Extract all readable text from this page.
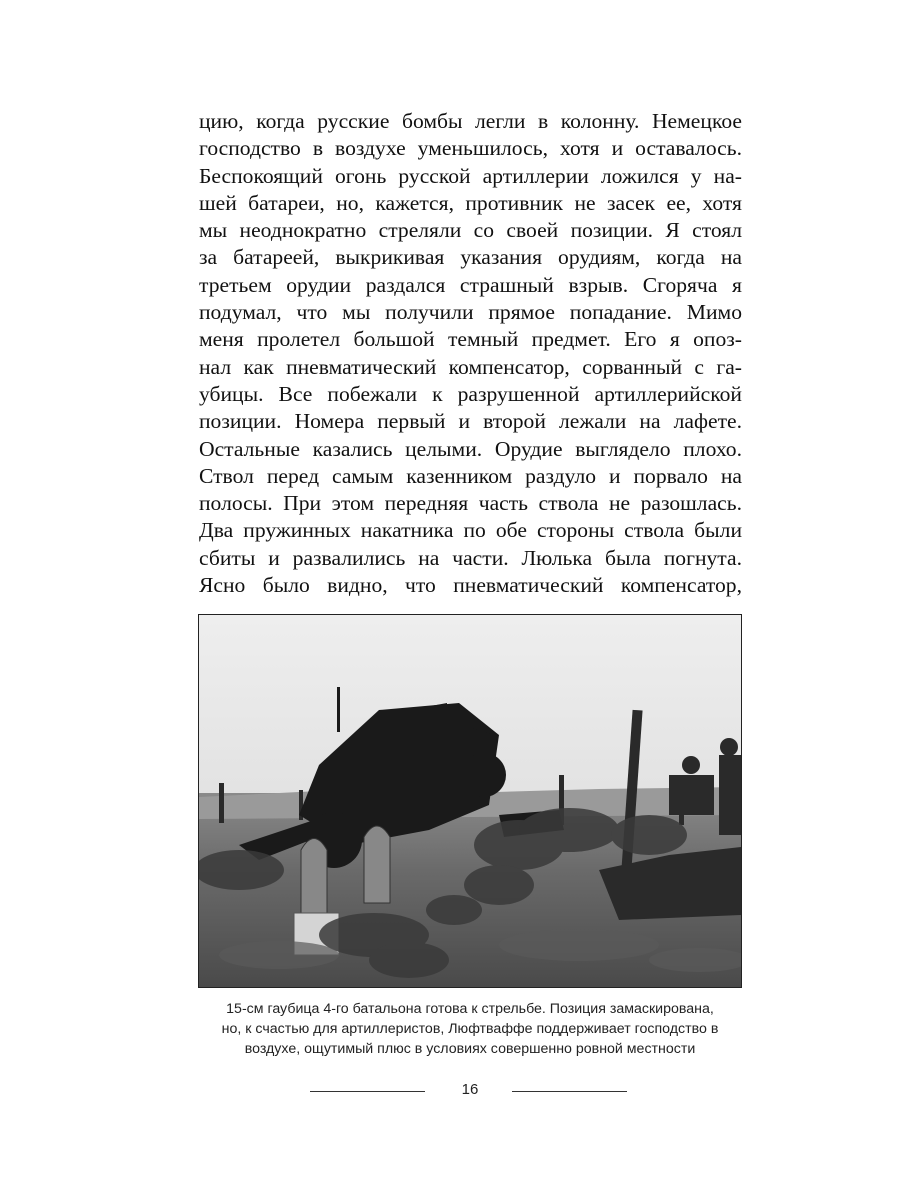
цию, когда русские бомбы легли в колонну. Немецкое
господство в воздухе уменьшилось, хотя и оставалось.
Беспокоящий огонь русской артиллерии ложился у на-
шей батареи, но, кажется, противник не засек ее, хотя
мы неоднократно стреляли со своей позиции. Я стоял
за батареей, выкрикивая указания орудиям, когда на
третьем орудии раздался страшный взрыв. Сгоряча я
подумал, что мы получили прямое попадание. Мимо
меня пролетел большой темный предмет. Его я опоз-
нал как пневматический компенсатор, сорванный с га-
убицы. Все побежали к разрушенной артиллерийской
позиции. Номера первый и второй лежали на лафете.
Остальные казались целыми. Орудие выглядело плохо.
Ствол перед самым казенником раздуло и порвало на
полосы. При этом передняя часть ствола не разошлась.
Два пружинных накатника по обе стороны ствола были
сбиты и развалились на части. Люлька была погнута.
Ясно было видно, что пневматический компенсатор,

15-см гаубица 4-го батальона готова к стрельбе. Позиция замаскирована,
но, к счастью для артиллеристов, Люфтваффе поддерживает господство в
воздухе, ощутимый плюс в условиях совершенно ровной местности

16
